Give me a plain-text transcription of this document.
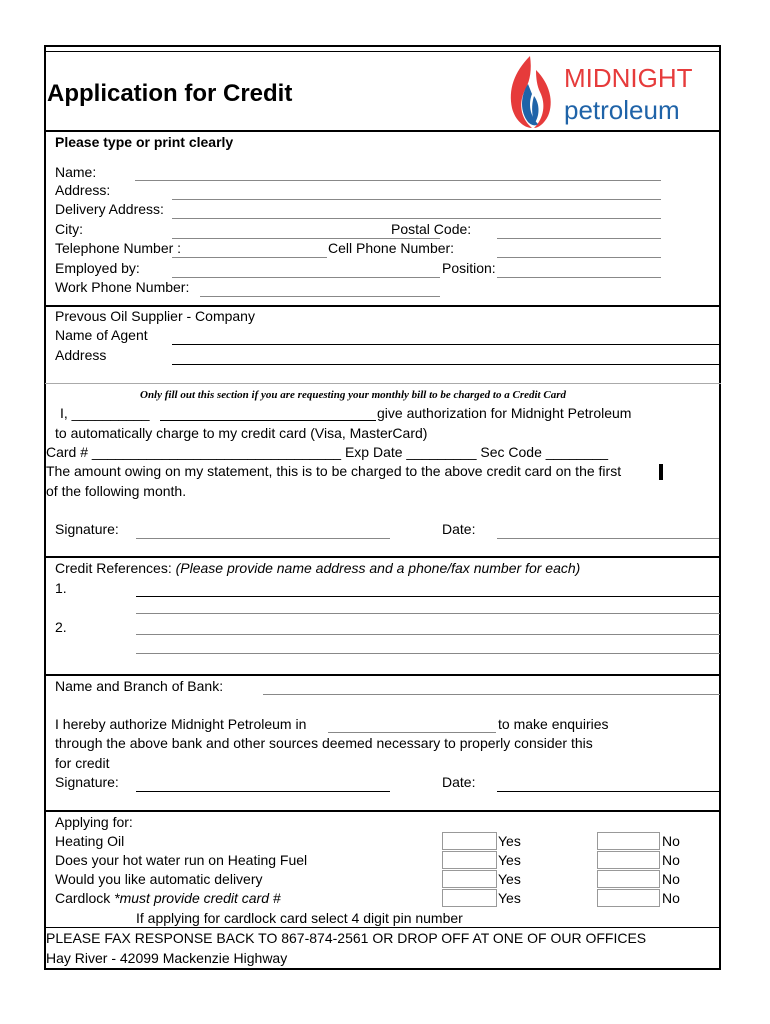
Application for Credit
MIDNIGHT
petroleum
Please type or print clearly
Name:
Address:
Delivery Address:
City:	Postal Code:
Telephone Number :	Cell Phone Number:
Employed by:	Position:
Work Phone Number:
Prevous Oil Supplier - Company
Name of Agent
Address
Only fill out this section if you are requesting your monthly bill to be charged to a Credit Card
I, __________	give authorization for Midnight Petroleum
to automatically charge to my credit card (Visa, MasterCard)
Card # ________________________________ Exp Date _________ Sec Code ________
The amount owing on my statement, this is to be charged to the above credit card on the first
of the following month.
Signature:	Date:
Credit References: (Please provide name address and a phone/fax number for each)
1.
2.
Name and Branch of Bank:
I hereby authorize Midnight Petroleum in	to make enquiries
through the above bank and other sources deemed necessary to properly consider this
for credit
Signature:	Date:
Applying for:
Heating Oil	Yes	No
Does your hot water run on Heating Fuel	Yes	No
Would you like automatic delivery	Yes	No
Cardlock *must provide credit card #	Yes	No
If applying for cardlock card select 4 digit pin number
PLEASE FAX RESPONSE BACK TO 867-874-2561 OR DROP OFF AT ONE OF OUR OFFICES
Hay River - 42099 Mackenzie Highway
